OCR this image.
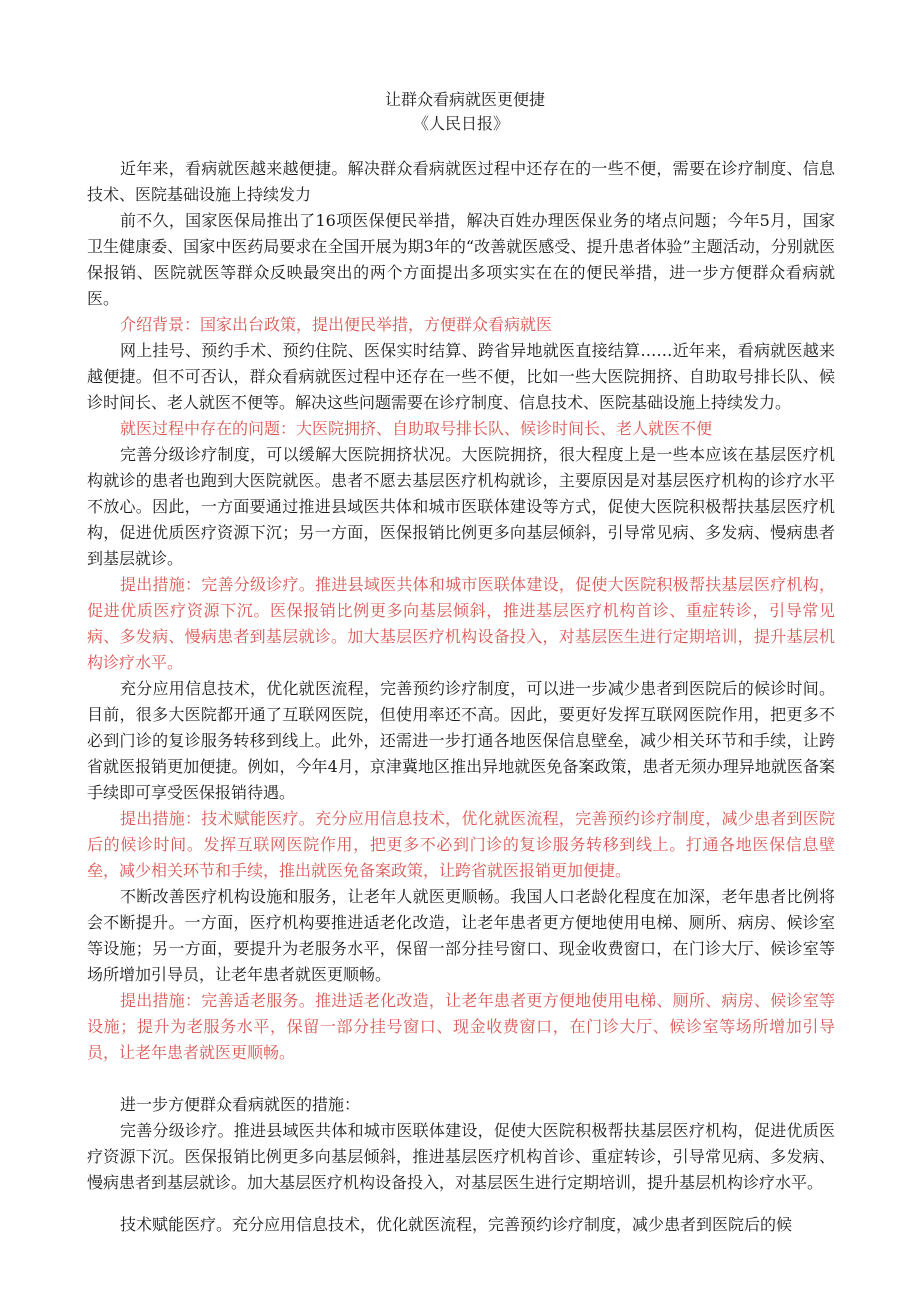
让群众看病就医更便捷
《人民日报》

近年来，看病就医越来越便捷。解决群众看病就医过程中还存在的一些不便，需要在诊疗制度、信息技术、医院基础设施上持续发力

前不久，国家医保局推出了16项医保便民举措，解决百姓办理医保业务的堵点问题；今年5月，国家卫生健康委、国家中医药局要求在全国开展为期3年的“改善就医感受、提升患者体验”主题活动，分别就医保报销、医院就医等群众反映最突出的两个方面提出多项实实在在的便民举措，进一步方便群众看病就医。

介绍背景：国家出台政策，提出便民举措，方便群众看病就医

网上挂号、预约手术、预约住院、医保实时结算、跨省异地就医直接结算……近年来，看病就医越来越便捷。但不可否认，群众看病就医过程中还存在一些不便，比如一些大医院拥挤、自助取号排长队、候诊时间长、老人就医不便等。解决这些问题需要在诊疗制度、信息技术、医院基础设施上持续发力。

就医过程中存在的问题：大医院拥挤、自助取号排长队、候诊时间长、老人就医不便

完善分级诊疗制度，可以缓解大医院拥挤状况。大医院拥挤，很大程度上是一些本应该在基层医疗机构就诊的患者也跑到大医院就医。患者不愿去基层医疗机构就诊，主要原因是对基层医疗机构的诊疗水平不放心。因此，一方面要通过推进县域医共体和城市医联体建设等方式，促使大医院积极帮扶基层医疗机构，促进优质医疗资源下沉；另一方面，医保报销比例更多向基层倾斜，引导常见病、多发病、慢病患者到基层就诊。

提出措施：完善分级诊疗。推进县域医共体和城市医联体建设，促使大医院积极帮扶基层医疗机构，促进优质医疗资源下沉。医保报销比例更多向基层倾斜，推进基层医疗机构首诊、重症转诊，引导常见病、多发病、慢病患者到基层就诊。加大基层医疗机构设备投入，对基层医生进行定期培训，提升基层机构诊疗水平。

充分应用信息技术，优化就医流程，完善预约诊疗制度，可以进一步减少患者到医院后的候诊时间。目前，很多大医院都开通了互联网医院，但使用率还不高。因此，要更好发挥互联网医院作用，把更多不必到门诊的复诊服务转移到线上。此外，还需进一步打通各地医保信息壁垒，减少相关环节和手续，让跨省就医报销更加便捷。例如，今年4月，京津冀地区推出异地就医免备案政策，患者无须办理异地就医备案手续即可享受医保报销待遇。

提出措施：技术赋能医疗。充分应用信息技术，优化就医流程，完善预约诊疗制度，减少患者到医院后的候诊时间。发挥互联网医院作用，把更多不必到门诊的复诊服务转移到线上。打通各地医保信息壁垒，减少相关环节和手续，推出就医免备案政策，让跨省就医报销更加便捷。

不断改善医疗机构设施和服务，让老年人就医更顺畅。我国人口老龄化程度在加深，老年患者比例将会不断提升。一方面，医疗机构要推进适老化改造，让老年患者更方便地使用电梯、厕所、病房、候诊室等设施；另一方面，要提升为老服务水平，保留一部分挂号窗口、现金收费窗口，在门诊大厅、候诊室等场所增加引导员，让老年患者就医更顺畅。

提出措施：完善适老服务。推进适老化改造，让老年患者更方便地使用电梯、厕所、病房、候诊室等设施；提升为老服务水平，保留一部分挂号窗口、现金收费窗口，在门诊大厅、候诊室等场所增加引导员，让老年患者就医更顺畅。

进一步方便群众看病就医的措施：

完善分级诊疗。推进县域医共体和城市医联体建设，促使大医院积极帮扶基层医疗机构，促进优质医疗资源下沉。医保报销比例更多向基层倾斜，推进基层医疗机构首诊、重症转诊，引导常见病、多发病、慢病患者到基层就诊。加大基层医疗机构设备投入，对基层医生进行定期培训，提升基层机构诊疗水平。

技术赋能医疗。充分应用信息技术，优化就医流程，完善预约诊疗制度，减少患者到医院后的候
